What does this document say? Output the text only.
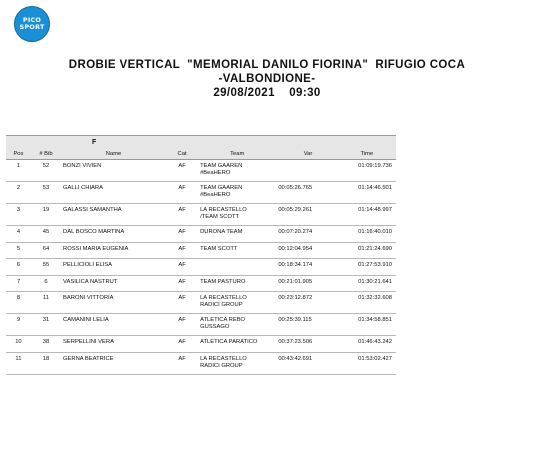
PICO
SPORT
DROBIE VERTICAL  "MEMORIAL DANILO FIORINA"  RIFUGIO COCA
-VALBONDIONE-
29/08/2021    09:30
F						
Pos	# Bib	Name	Cat	Team	Var	Time
1	52	BONZI VIVIEN	AF	TEAM GAAREN
#BeaHERO		01:09:19.736
2	53	GALLI CHIARA	AF	TEAM GAAREN
#BeaHERO	00:05:26.765	01:14:46.501
3	19	GALASSI SAMANTHA	AF	LA RECASTELLO
/TEAM SCOTT	00:05:29.261	01:14:48.997
4	45	DAL BOSCO MARTINA	AF	DURONA TEAM	00:07:20.274	01:16:40.010
5	64	ROSSI MARIA EUGENIA	AF	TEAM SCOTT	00:12:04.954	01:21:24.690
6	55	PELLICIOLI ELISA	AF		00:18:34.174	01:27:53.910
7	6	VASILICA NASTRUT	AF	TEAM PASTURO	00:21:01.905	01:30:21.641
8	11	BARONI VITTORIA	AF	LA RECASTELLO
RADICI GROUP	00:23:12.872	01:32:32.608
9	31	CAMANINI LELIA	AF	ATLETICA REBO
GUSSAGO	00:25:39.115	01:34:58.851
10	38	SERPELLINI VERA	AF	ATLETICA PARATICO	00:37:23.506	01:46:43.242
11	18	GERNA BEATRICE	AF	LA RECASTELLO
RADICI GROUP	00:43:42.691	01:53:02.427
